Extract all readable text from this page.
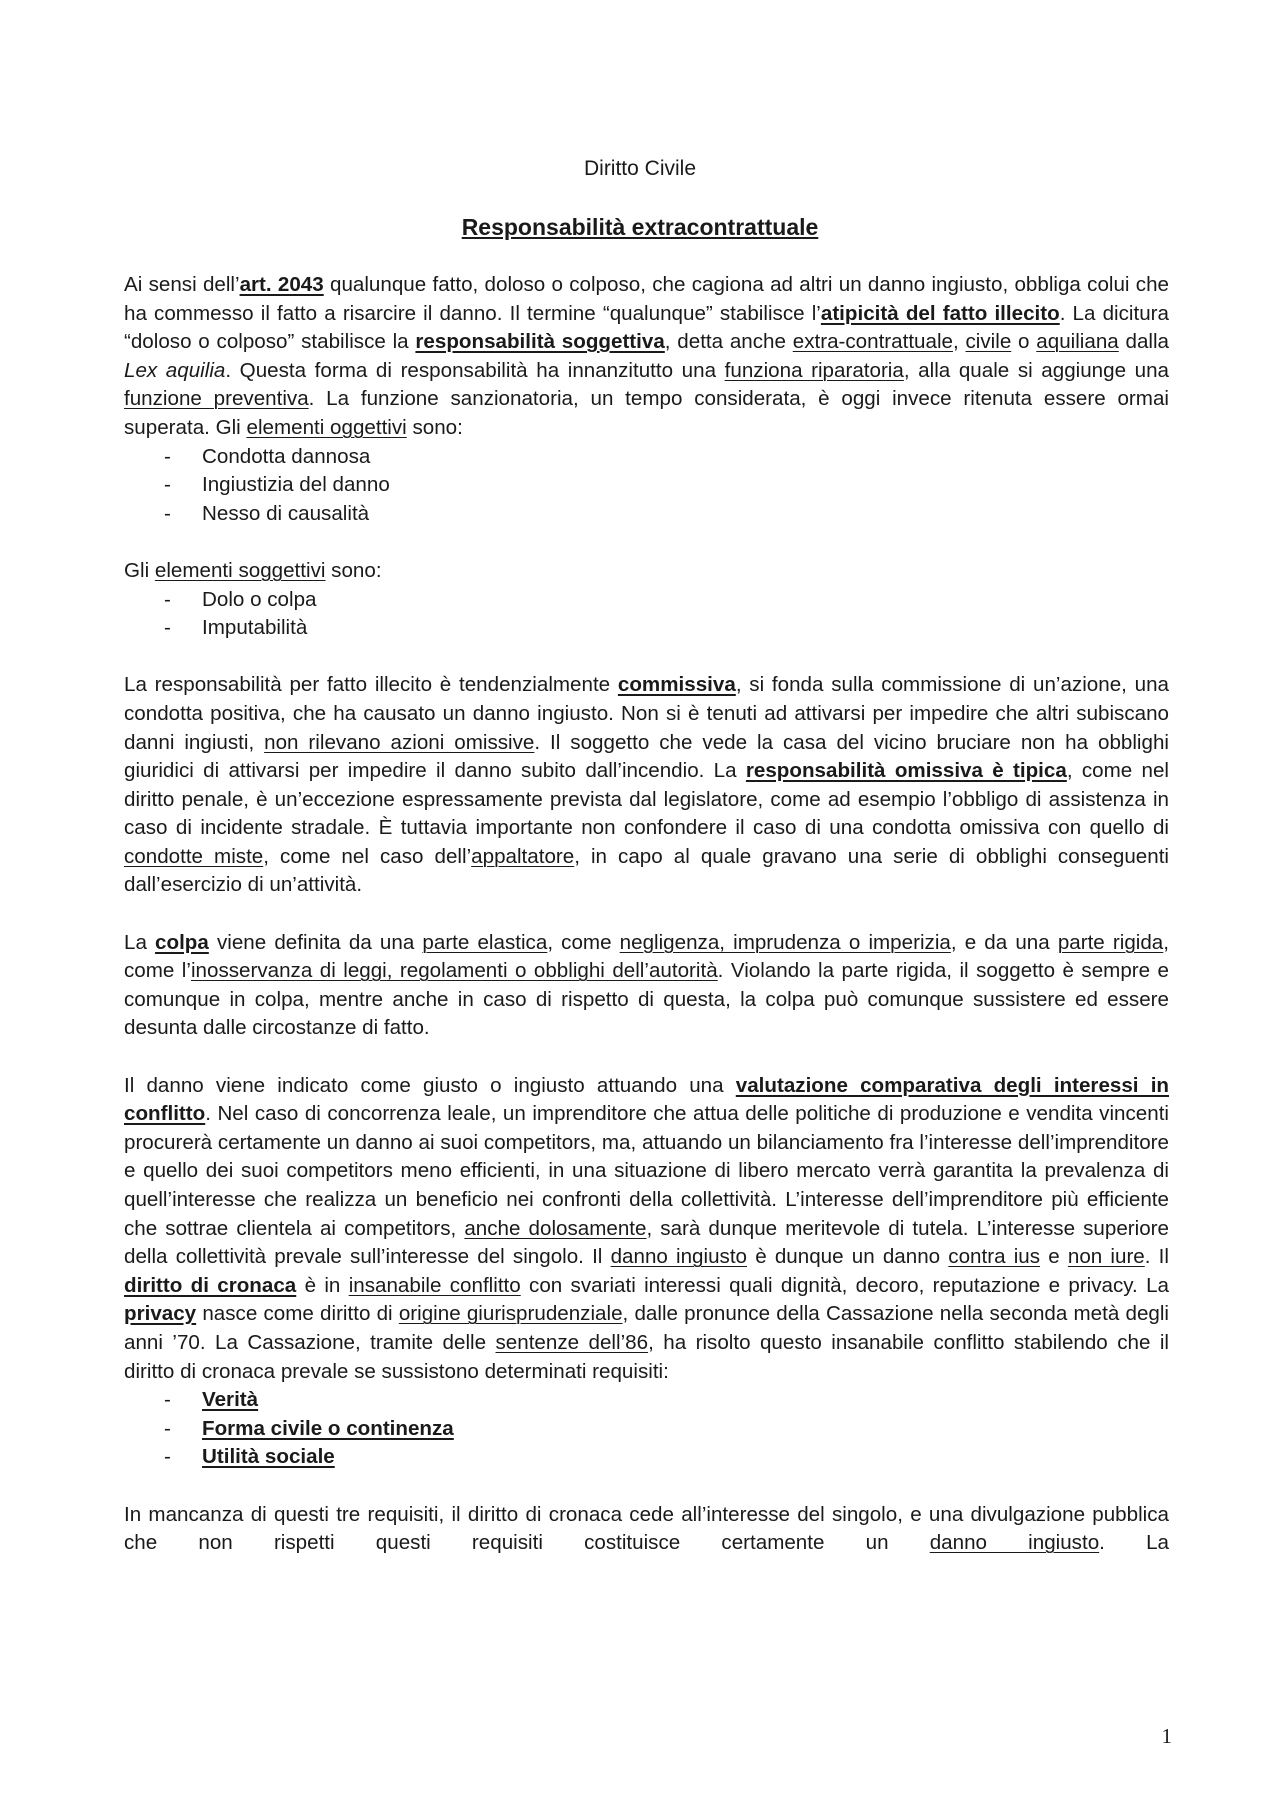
Diritto Civile
Responsabilità extracontrattuale

Ai sensi dell’art. 2043 qualunque fatto, doloso o colposo, che cagiona ad altri un danno ingiusto, obbliga colui che ha commesso il fatto a risarcire il danno. Il termine “qualunque” stabilisce l’atipicità del fatto illecito. La dicitura “doloso o colposo” stabilisce la responsabilità soggettiva, detta anche extra-contrattuale, civile o aquiliana dalla Lex aquilia. Questa forma di responsabilità ha innanzitutto una funziona riparatoria, alla quale si aggiunge una funzione preventiva. La funzione sanzionatoria, un tempo considerata, è oggi invece ritenuta essere ormai superata. Gli elementi oggettivi sono:

- Condotta dannosa
- Ingiustizia del danno
- Nesso di causalità

Gli elementi soggettivi sono:

- Dolo o colpa
- Imputabilità

La responsabilità per fatto illecito è tendenzialmente commissiva, si fonda sulla commissione di un’azione, una condotta positiva, che ha causato un danno ingiusto. Non si è tenuti ad attivarsi per impedire che altri subiscano danni ingiusti, non rilevano azioni omissive. Il soggetto che vede la casa del vicino bruciare non ha obblighi giuridici di attivarsi per impedire il danno subito dall’incendio. La responsabilità omissiva è tipica, come nel diritto penale, è un’eccezione espressamente prevista dal legislatore, come ad esempio l’obbligo di assistenza in caso di incidente stradale. È tuttavia importante non confondere il caso di una condotta omissiva con quello di condotte miste, come nel caso dell’appaltatore, in capo al quale gravano una serie di obblighi conseguenti dall’esercizio di un’attività.

La colpa viene definita da una parte elastica, come negligenza, imprudenza o imperizia, e da una parte rigida, come l’inosservanza di leggi, regolamenti o obblighi dell’autorità. Violando la parte rigida, il soggetto è sempre e comunque in colpa, mentre anche in caso di rispetto di questa, la colpa può comunque sussistere ed essere desunta dalle circostanze di fatto.

Il danno viene indicato come giusto o ingiusto attuando una valutazione comparativa degli interessi in conflitto. Nel caso di concorrenza leale, un imprenditore che attua delle politiche di produzione e vendita vincenti procurerà certamente un danno ai suoi competitors, ma, attuando un bilanciamento fra l’interesse dell’imprenditore e quello dei suoi competitors meno efficienti, in una situazione di libero mercato verrà garantita la prevalenza di quell’interesse che realizza un beneficio nei confronti della collettività. L’interesse dell’imprenditore più efficiente che sottrae clientela ai competitors, anche dolosamente, sarà dunque meritevole di tutela. L’interesse superiore della collettività prevale sull’interesse del singolo. Il danno ingiusto è dunque un danno contra ius e non iure. Il diritto di cronaca è in insanabile conflitto con svariati interessi quali dignità, decoro, reputazione e privacy. La privacy nasce come diritto di origine giurisprudenziale, dalle pronunce della Cassazione nella seconda metà degli anni ’70. La Cassazione, tramite delle sentenze dell’86, ha risolto questo insanabile conflitto stabilendo che il diritto di cronaca prevale se sussistono determinati requisiti:

- Verità
- Forma civile o continenza
- Utilità sociale

In mancanza di questi tre requisiti, il diritto di cronaca cede all’interesse del singolo, e una divulgazione pubblica che non rispetti questi requisiti costituisce certamente un danno ingiusto. La

1
